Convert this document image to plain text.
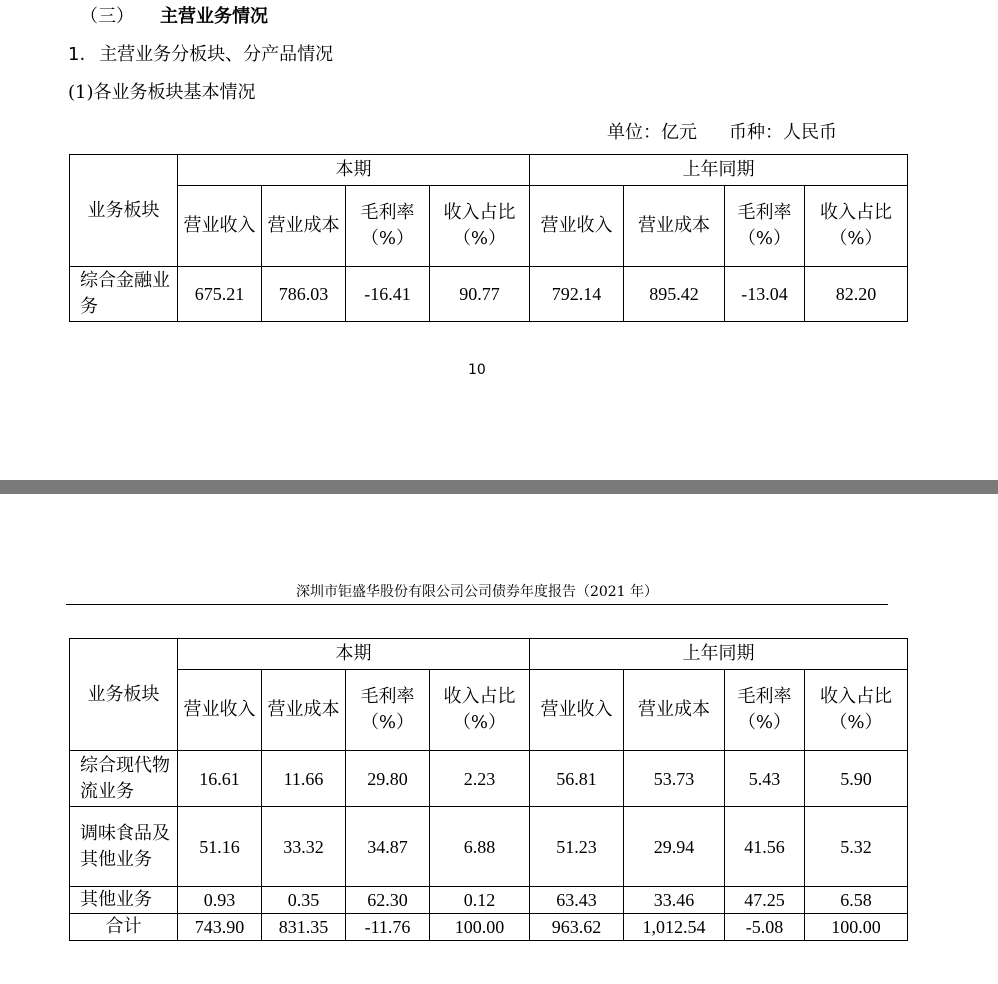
（三） 主营业务情况
1. 主营业务分板块、分产品情况
(1)各业务板块基本情况
单位：亿元 币种：人民币
业务板块	本期				上年同期			
	营业收入	营业成本	毛利率（%）	收入占比（%）	营业收入	营业成本	毛利率（%）	收入占比（%）
综合金融业务	675.21	786.03	-16.41	90.77	792.14	895.42	-13.04	82.20
10
深圳市钜盛华股份有限公司公司债券年度报告（2021 年）
业务板块	本期				上年同期			
	营业收入	营业成本	毛利率（%）	收入占比（%）	营业收入	营业成本	毛利率（%）	收入占比（%）
综合现代物流业务	16.61	11.66	29.80	2.23	56.81	53.73	5.43	5.90
调味食品及其他业务	51.16	33.32	34.87	6.88	51.23	29.94	41.56	5.32
其他业务	0.93	0.35	62.30	0.12	63.43	33.46	47.25	6.58
合计	743.90	831.35	-11.76	100.00	963.62	1,012.54	-5.08	100.00
